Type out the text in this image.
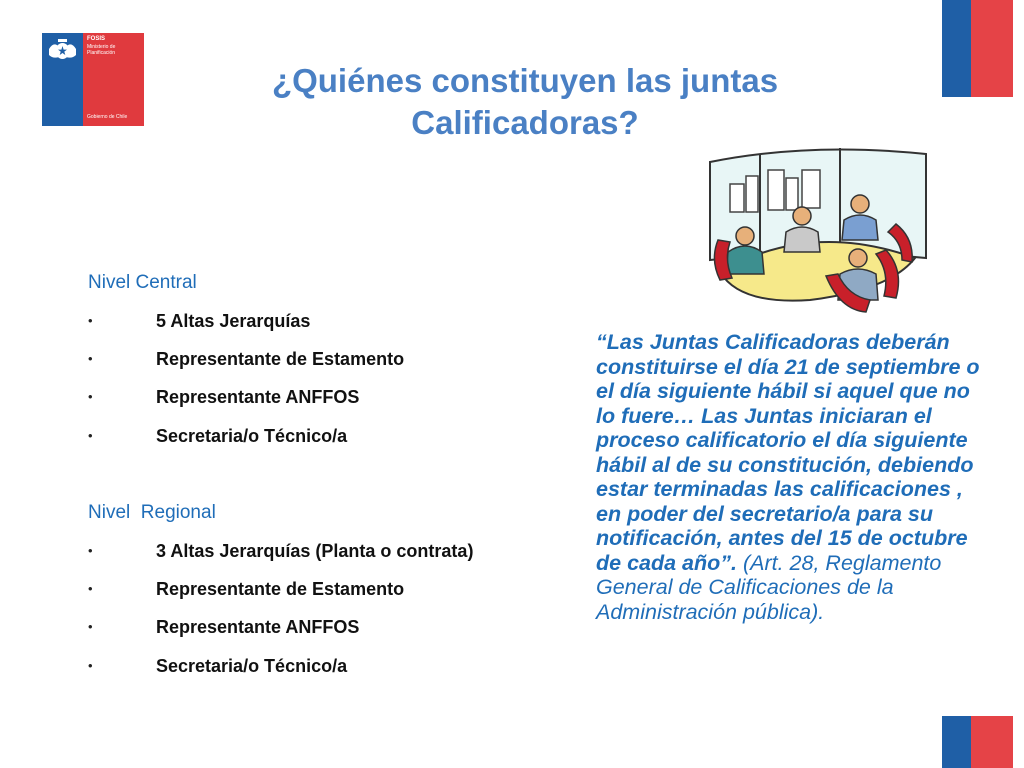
FOSIS
Ministerio de
Planificación
Gobierno de Chile
¿Quiénes constituyen las juntas
Calificadoras?
Nivel Central
•	5 Altas Jerarquías
•	Representante de Estamento
•	Representante ANFFOS
•	Secretaria/o Técnico/a
Nivel  Regional
•	3 Altas Jerarquías (Planta o contrata)
•	Representante de Estamento
•	Representante ANFFOS
•	Secretaria/o Técnico/a
“Las Juntas Calificadoras deberán constituirse el día 21 de septiembre o el día siguiente hábil si aquel que no lo fuere… Las Juntas iniciaran el proceso calificatorio el día siguiente hábil al de su constitución, debiendo estar terminadas las calificaciones , en poder del secretario/a para su notificación, antes del 15 de octubre de cada año”. (Art. 28, Reglamento General de Calificaciones de la Administración pública).
